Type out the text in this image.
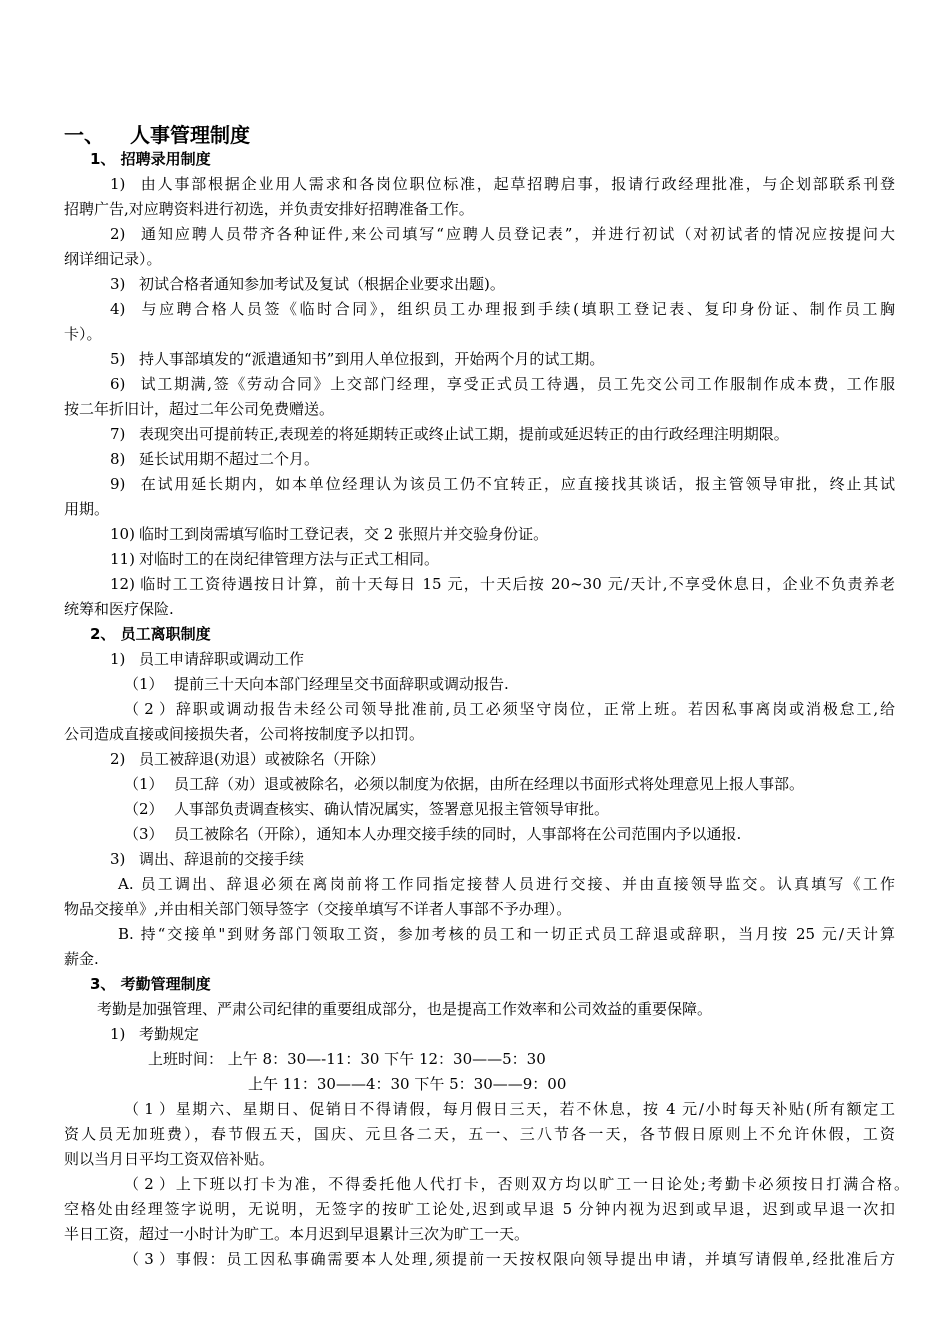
一、 人事管理制度
1、 招聘录用制度
1) 由人事部根据企业用人需求和各岗位职位标准，起草招聘启事，报请行政经理批准，与企划部联系刊登
招聘广告,对应聘资料进行初选，并负责安排好招聘准备工作。
2) 通知应聘人员带齐各种证件,来公司填写“应聘人员登记表”，并进行初试（对初试者的情况应按提问大
纲详细记录）。
3) 初试合格者通知参加考试及复试（根据企业要求出题)。
4) 与应聘合格人员签《临时合同》，组织员工办理报到手续(填职工登记表、复印身份证、制作员工胸
卡）。
5) 持人事部填发的“派遣通知书”到用人单位报到，开始两个月的试工期。
6) 试工期满,签《劳动合同》上交部门经理，享受正式员工待遇，员工先交公司工作服制作成本费，工作服
按二年折旧计，超过二年公司免费赠送。
7) 表现突出可提前转正,表现差的将延期转正或终止试工期，提前或延迟转正的由行政经理注明期限。
8) 延长试用期不超过二个月。
9) 在试用延长期内，如本单位经理认为该员工仍不宜转正，应直接找其谈话，报主管领导审批，终止其试
用期。
10) 临时工到岗需填写临时工登记表，交 2 张照片并交验身份证。
11) 对临时工的在岗纪律管理方法与正式工相同。
12) 临时工工资待遇按日计算，前十天每日 15 元，十天后按 20~30 元/天计,不享受休息日，企业不负责养老
统筹和医疗保险.
2、 员工离职制度
1) 员工申请辞职或调动工作
（1） 提前三十天向本部门经理呈交书面辞职或调动报告.
（2）辞职或调动报告未经公司领导批准前,员工必须坚守岗位，正常上班。若因私事离岗或消极怠工,给
公司造成直接或间接损失者，公司将按制度予以扣罚。
2) 员工被辞退(劝退）或被除名（开除）
（1） 员工辞（劝）退或被除名，必须以制度为依据，由所在经理以书面形式将处理意见上报人事部。
（2） 人事部负责调查核实、确认情况属实，签署意见报主管领导审批。
（3） 员工被除名（开除），通知本人办理交接手续的同时，人事部将在公司范围内予以通报.
3) 调出、辞退前的交接手续
A. 员工调出、辞退必须在离岗前将工作同指定接替人员进行交接、并由直接领导监交。认真填写《工作
物品交接单》,并由相关部门领导签字（交接单填写不详者人事部不予办理）。
B. 持“交接单"到财务部门领取工资，参加考核的员工和一切正式员工辞退或辞职，当月按 25 元/天计算
薪金.
3、 考勤管理制度
考勤是加强管理、严肃公司纪律的重要组成部分，也是提高工作效率和公司效益的重要保障。
1) 考勤规定
上班时间： 上午 8：30—-11：30 下午 12：30——5：30
上午 11：30——4：30 下午 5：30——9：00
（1）星期六、星期日、促销日不得请假，每月假日三天，若不休息，按 4 元/小时每天补贴(所有额定工
资人员无加班费），春节假五天，国庆、元旦各二天，五一、三八节各一天，各节假日原则上不允许休假，工资
则以当月日平均工资双倍补贴。
（2）上下班以打卡为准，不得委托他人代打卡，否则双方均以旷工一日论处;考勤卡必须按日打满合格。
空格处由经理签字说明，无说明，无签字的按旷工论处,迟到或早退 5 分钟内视为迟到或早退，迟到或早退一次扣
半日工资，超过一小时计为旷工。本月迟到早退累计三次为旷工一天。
（3）事假：员工因私事确需要本人处理,须提前一天按权限向领导提出申请，并填写请假单,经批准后方
